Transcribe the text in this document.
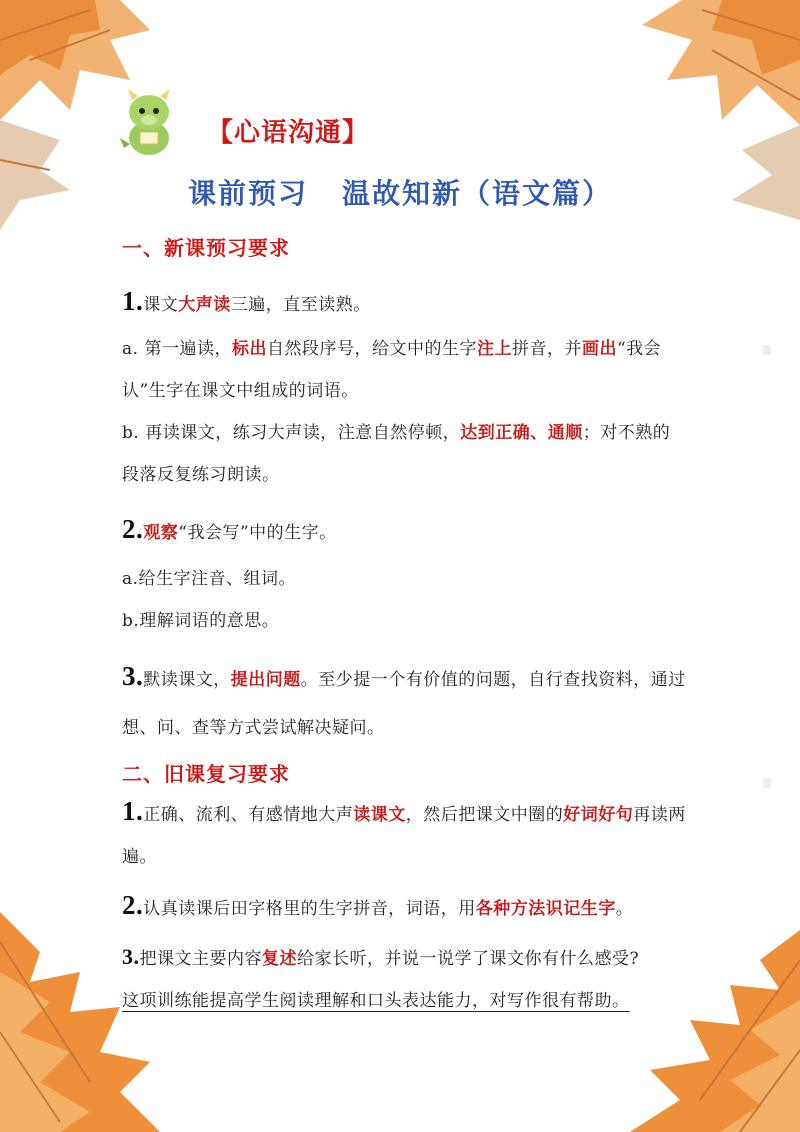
【心语沟通】
课前预习 温故知新（语文篇）
一、新课预习要求
1.课文大声读三遍，直至读熟。
a. 第一遍读，标出自然段序号，给文中的生字注上拼音，并画出“我会认”生字在课文中组成的词语。
b. 再读课文，练习大声读，注意自然停顿，达到正确、通顺；对不熟的段落反复练习朗读。
2.观察“我会写”中的生字。
a.给生字注音、组词。
b.理解词语的意思。
3.默读课文，提出问题。至少提一个有价值的问题，自行查找资料，通过想、问、查等方式尝试解决疑问。
二、旧课复习要求
1.正确、流利、有感情地大声读课文，然后把课文中圈的好词好句再读两遍。
2.认真读课后田字格里的生字拼音，词语，用各种方法识记生字。
3.把课文主要内容复述给家长听，并说一说学了课文你有什么感受?
这项训练能提高学生阅读理解和口头表达能力，对写作很有帮助。
